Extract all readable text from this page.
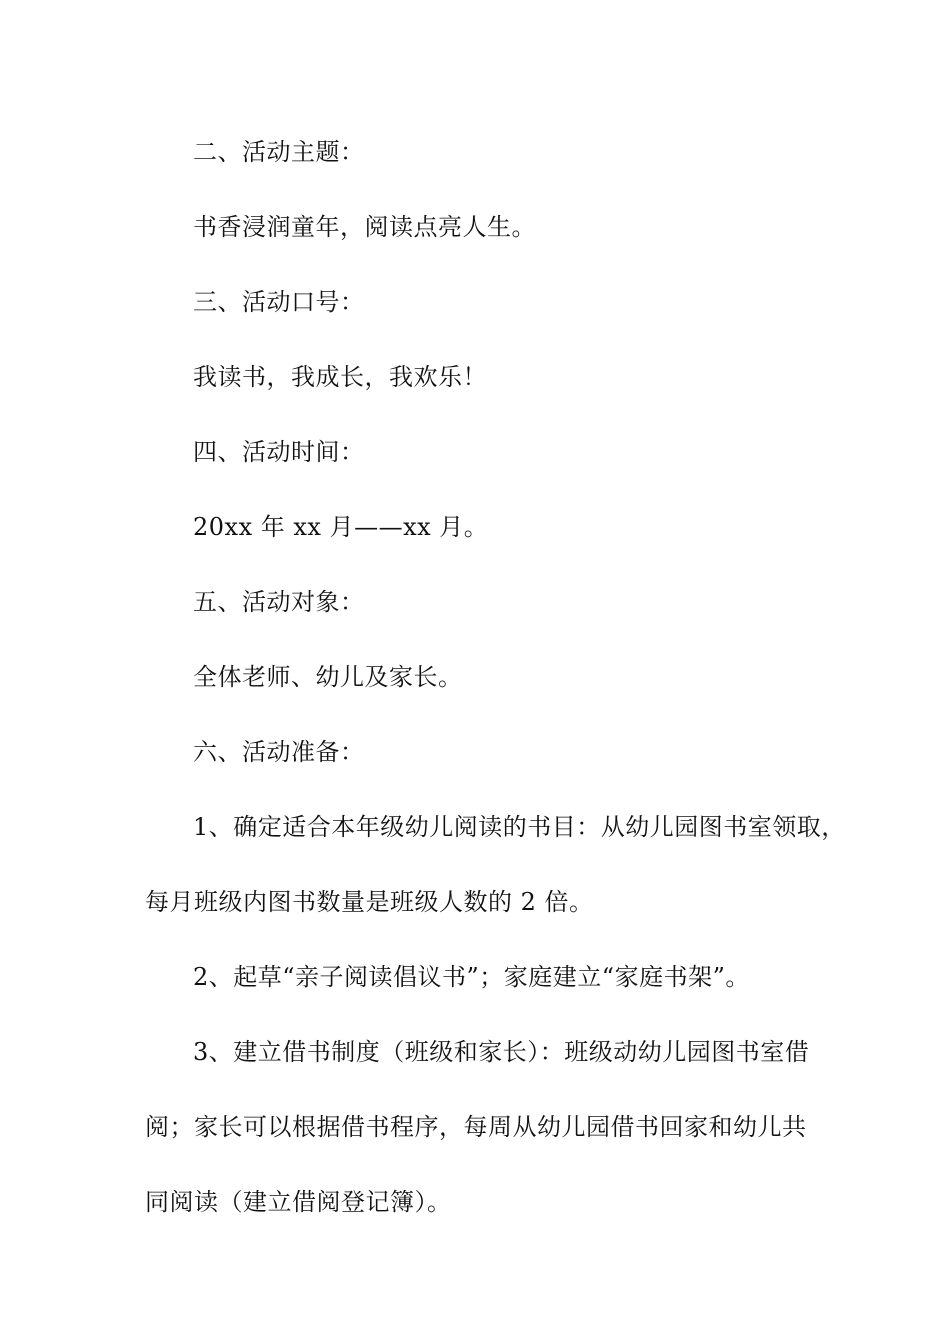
二、活动主题：
书香浸润童年，阅读点亮人生。
三、活动口号：
我读书，我成长，我欢乐！
四、活动时间：
20xx 年 xx 月——xx 月。
五、活动对象：
全体老师、幼儿及家长。
六、活动准备：
1、确定适合本年级幼儿阅读的书目：从幼儿园图书室领取，
每月班级内图书数量是班级人数的 2 倍。
2、起草“亲子阅读倡议书”；家庭建立“家庭书架”。
3、建立借书制度（班级和家长）：班级动幼儿园图书室借
阅；家长可以根据借书程序，每周从幼儿园借书回家和幼儿共
同阅读（建立借阅登记簿）。
